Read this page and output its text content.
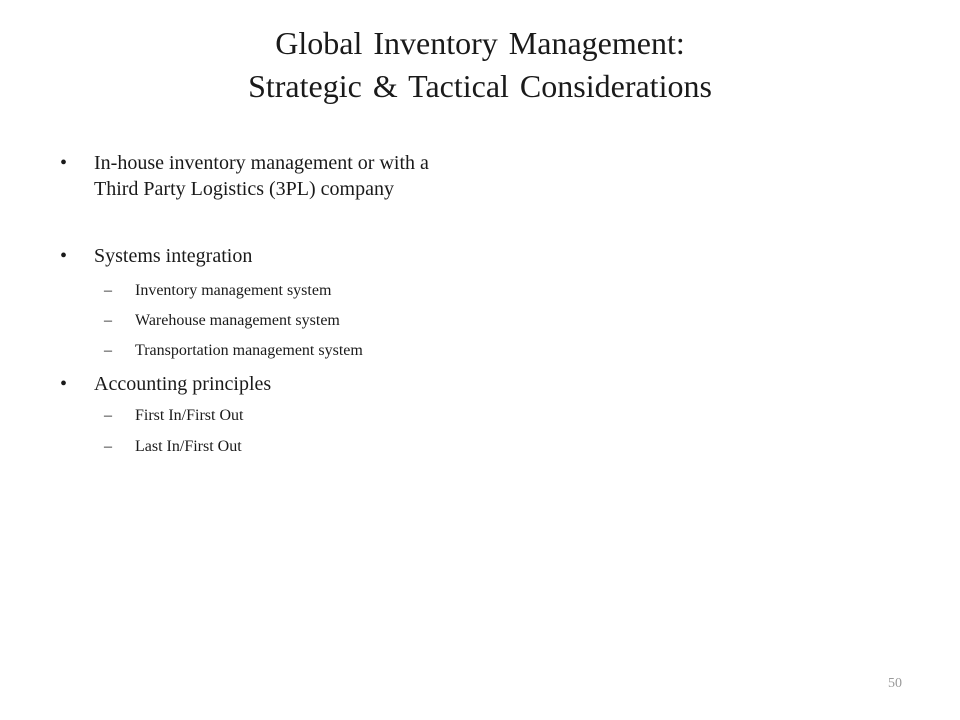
Global Inventory Management:
Strategic & Tactical Considerations
• In-house inventory management or with a Third Party Logistics (3PL) company
• Systems integration
– Inventory management system
– Warehouse management system
– Transportation management system
• Accounting principles
– First In/First Out
– Last In/First Out
50
